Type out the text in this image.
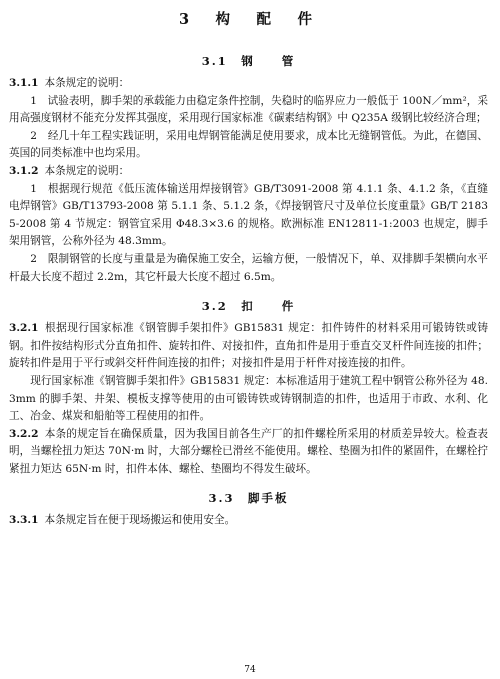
3　构　配　件
3.1　钢　　管

3.1.1 本条规定的说明：

1　试验表明，脚手架的承载能力由稳定条件控制，失稳时的临界应力一般低于 100N／mm²，采用高强度钢材不能充分发挥其强度，采用现行国家标准《碳素结构钢》中 Q235A 级钢比较经济合理；

2　经几十年工程实践证明，采用电焊钢管能满足使用要求，成本比无缝钢管低。为此，在德国、英国的同类标准中也均采用。

3.1.2 本条规定的说明：

1　根据现行规范《低压流体输送用焊接钢管》GB/T3091-2008 第 4.1.1 条、4.1.2 条，《直缝电焊钢管》GB/T13793-2008 第 5.1.1 条、5.1.2 条，《焊接钢管尺寸及单位长度重量》GB/T 21835-2008 第 4 节规定：钢管宜采用 Φ48.3×3.6 的规格。欧洲标准 EN12811-1:2003 也规定，脚手架用钢管，公称外径为 48.3mm。

2　限制钢管的长度与重量是为确保施工安全，运输方便，一般情况下，单、双排脚手架横向水平杆最大长度不超过 2.2m，其它杆最大长度不超过 6.5m。

3.2　扣　　件

3.2.1 根据现行国家标准《钢管脚手架扣件》GB15831 规定：扣件铸件的材料采用可锻铸铁或铸钢。扣件按结构形式分直角扣件、旋转扣件、对接扣件，直角扣件是用于垂直交叉杆件间连接的扣件；旋转扣件是用于平行或斜交杆件间连接的扣件；对接扣件是用于杆件对接连接的扣件。

现行国家标准《钢管脚手架扣件》GB15831 规定：本标准适用于建筑工程中钢管公称外径为 48.3mm 的脚手架、井架、模板支撑等使用的由可锻铸铁或铸钢制造的扣件，也适用于市政、水利、化工、冶金、煤炭和船舶等工程使用的扣件。

3.2.2 本条的规定旨在确保质量，因为我国目前各生产厂的扣件螺栓所采用的材质差异较大。检查表明，当螺栓扭力矩达 70N·m 时，大部分螺栓已滑丝不能使用。螺栓、垫圈为扣件的紧固件，在螺栓拧紧扭力矩达 65N·m 时，扣件本体、螺栓、垫圈均不得发生破坏。

3.3　脚手板

3.3.1 本条规定旨在便于现场搬运和使用安全。

74
